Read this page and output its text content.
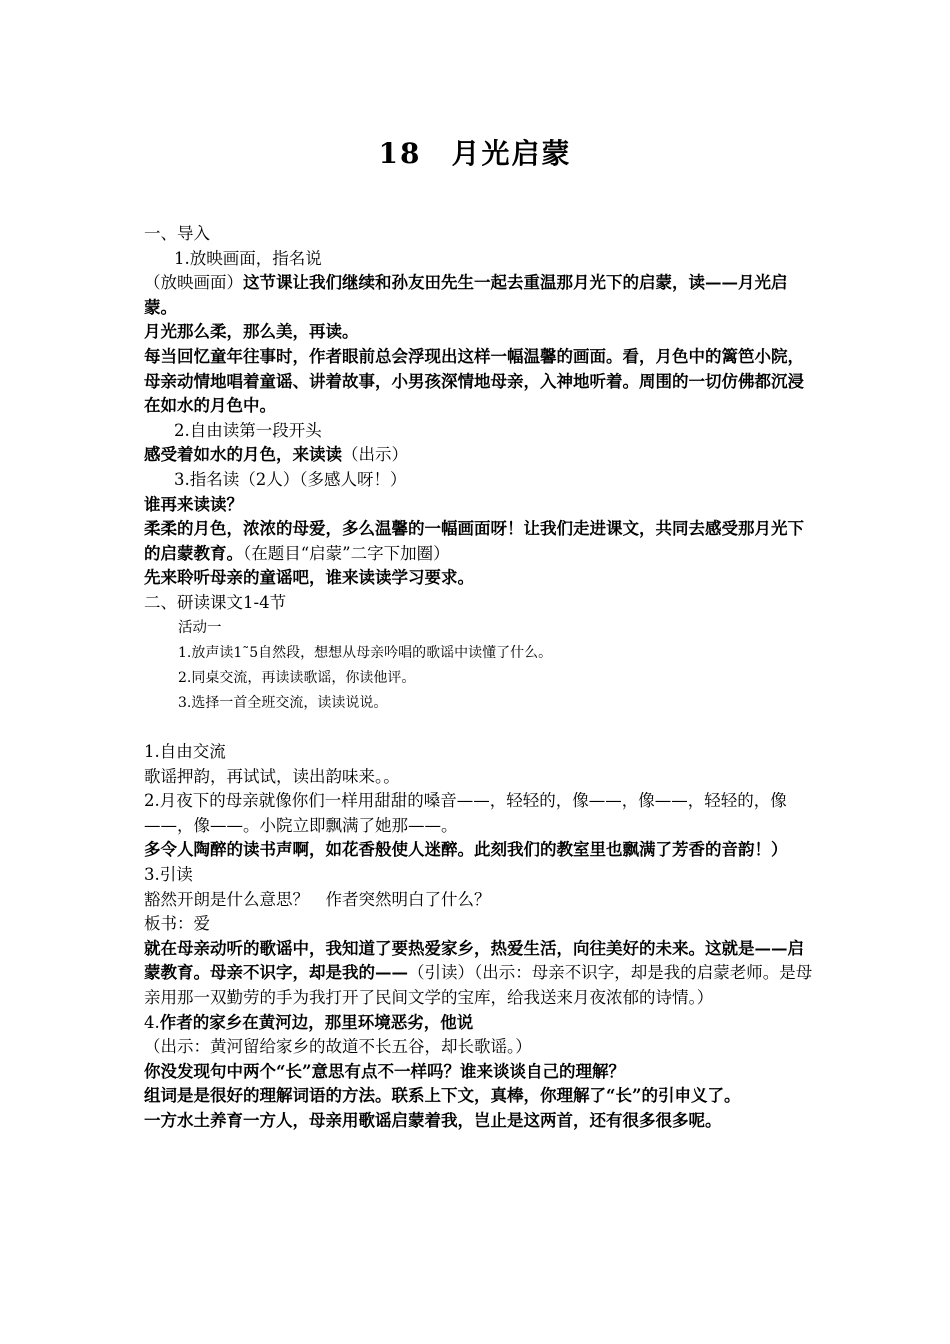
18　月光启蒙

一、导入

1.放映画面，指名说

（放映画面）这节课让我们继续和孙友田先生一起去重温那月光下的启蒙，读——月光启蒙。

月光那么柔，那么美，再读。

每当回忆童年往事时，作者眼前总会浮现出这样一幅温馨的画面。看，月色中的篱笆小院，母亲动情地唱着童谣、讲着故事，小男孩深情地母亲，入神地听着。周围的一切仿佛都沉浸在如水的月色中。

2.自由读第一段开头

感受着如水的月色，来读读（出示）

3.指名读（2人）（多感人呀！）

谁再来读读？

柔柔的月色，浓浓的母爱，多么温馨的一幅画面呀！让我们走进课文，共同去感受那月光下的启蒙教育。（在题目“启蒙”二字下加圈）

先来聆听母亲的童谣吧，谁来读读学习要求。

二、研读课文1-4节

活动一

1.放声读1˜5自然段，想想从母亲吟唱的歌谣中读懂了什么。

2.同桌交流，再读读歌谣，你读他评。

3.选择一首全班交流，读读说说。

1.自由交流

歌谣押韵，再试试，读出韵味来。。

2.月夜下的母亲就像你们一样用甜甜的嗓音——，轻轻的，像——，像——，轻轻的，像——，像——。小院立即飘满了她那——。

多令人陶醉的读书声啊，如花香般使人迷醉。此刻我们的教室里也飘满了芳香的音韵！）

3.引读

豁然开朗是什么意思？　作者突然明白了什么？

板书：爱

就在母亲动听的歌谣中，我知道了要热爱家乡，热爱生活，向往美好的未来。这就是——启蒙教育。母亲不识字，却是我的——（引读）（出示：母亲不识字，却是我的启蒙老师。是母亲用那一双勤劳的手为我打开了民间文学的宝库，给我送来月夜浓郁的诗情。）

4.作者的家乡在黄河边，那里环境恶劣，他说

（出示：黄河留给家乡的故道不长五谷，却长歌谣。）

你没发现句中两个“长”意思有点不一样吗？谁来谈谈自己的理解？

组词是是很好的理解词语的方法。联系上下文，真棒，你理解了“长”的引申义了。

一方水土养育一方人，母亲用歌谣启蒙着我，岂止是这两首，还有很多很多呢。
